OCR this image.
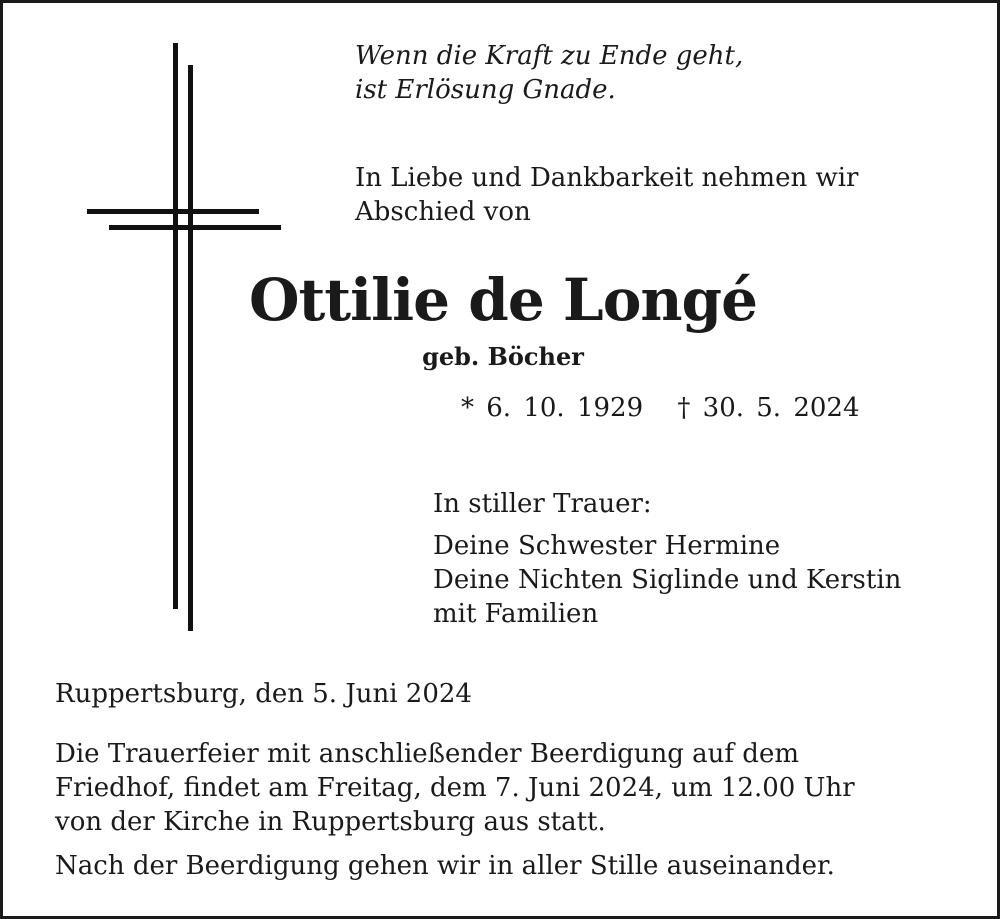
Wenn die Kraft zu Ende geht,
ist Erlösung Gnade.
In Liebe und Dankbarkeit nehmen wir
Abschied von
Ottilie de Longé
geb. Böcher
* 6. 10. 1929 † 30. 5. 2024
In stiller Trauer:
Deine Schwester Hermine
Deine Nichten Siglinde und Kerstin
mit Familien
Ruppertsburg, den 5. Juni 2024
Die Trauerfeier mit anschließender Beerdigung auf dem
Friedhof, findet am Freitag, dem 7. Juni 2024, um 12.00 Uhr
von der Kirche in Ruppertsburg aus statt.
Nach der Beerdigung gehen wir in aller Stille auseinander.
